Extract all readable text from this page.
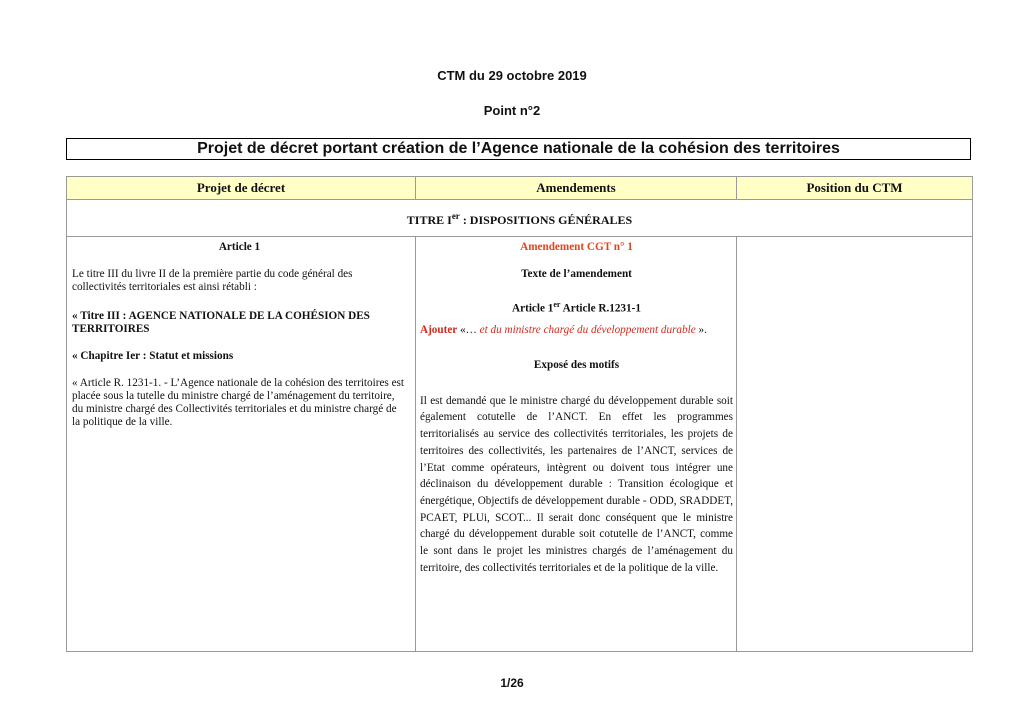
CTM du 29 octobre 2019
Point n°2
Projet de décret portant création de l’Agence nationale de la cohésion des territoires
Projet de décret	Amendements	Position du CTM
TITRE Ier : DISPOSITIONS GÉNÉRALES

Article 1

Le titre III du livre II de la première partie du code général des collectivités territoriales est ainsi rétabli :

« Titre III : AGENCE NATIONALE DE LA COHÉSION DES TERRITOIRES

« Chapitre Ier : Statut et missions

« Article R. 1231-1. - L’Agence nationale de la cohésion des territoires est placée sous la tutelle du ministre chargé de l’aménagement du territoire, du ministre chargé des Collectivités territoriales et du ministre chargé de la politique de la ville.

Amendement CGT n° 1

Texte de l’amendement

Article 1er Article R.1231-1

Ajouter «… et du ministre chargé du développement durable ».

Exposé des motifs

Il est demandé que le ministre chargé du développement durable soit également cotutelle de l’ANCT. En effet les programmes territorialisés au service des collectivités territoriales, les projets de territoires des collectivités, les partenaires de l’ANCT, services de l’Etat comme opérateurs, intègrent ou doivent tous intégrer une déclinaison du développement durable : Transition écologique et énergétique, Objectifs de développement durable - ODD, SRADDET, PCAET, PLUi, SCOT... Il serait donc conséquent que le ministre chargé du développement durable soit cotutelle de l’ANCT, comme le sont dans le projet les ministres chargés de l’aménagement du territoire, des collectivités territoriales et de la politique de la ville.

1/26
